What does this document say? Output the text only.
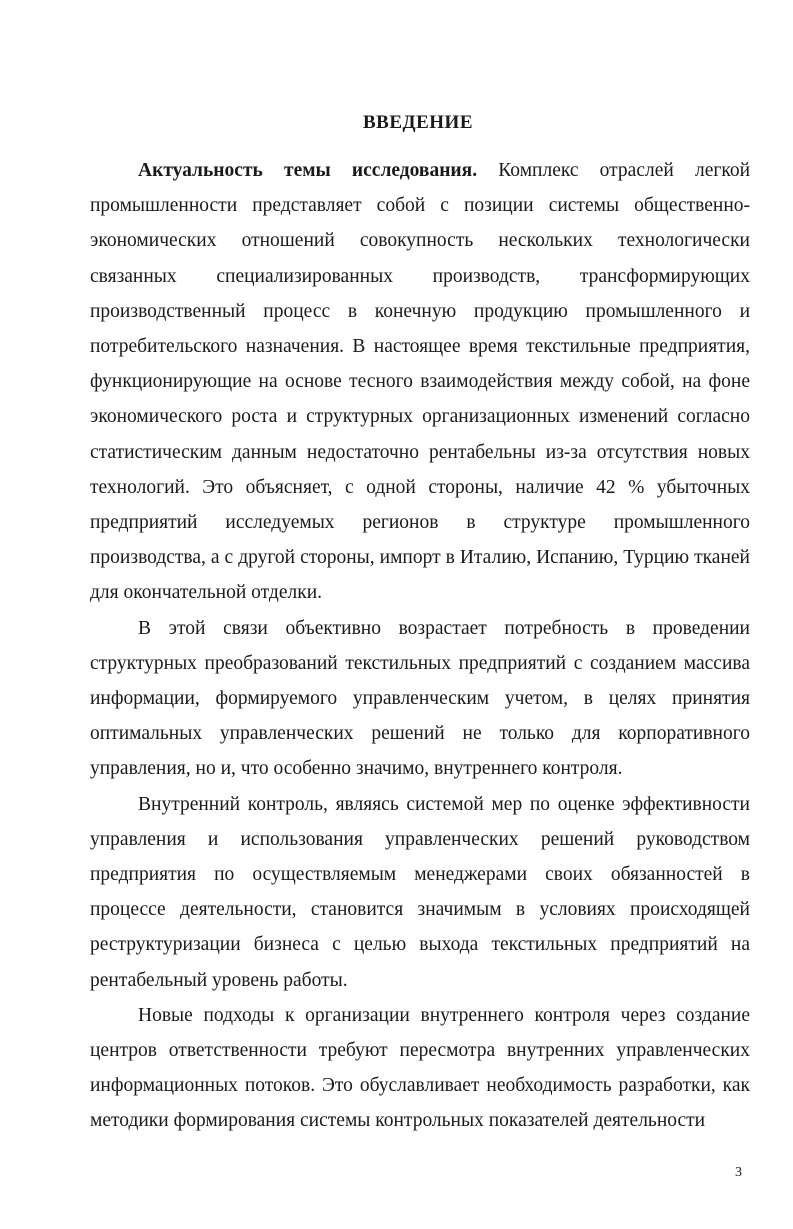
ВВЕДЕНИЕ

Актуальность темы исследования. Комплекс отраслей легкой промышленности представляет собой с позиции системы общественно-экономических отношений совокупность нескольких технологически связанных специализированных производств, трансформирующих производственный процесс в конечную продукцию промышленного и потребительского назначения. В настоящее время текстильные предприятия, функционирующие на основе тесного взаимодействия между собой, на фоне экономического роста и структурных организационных изменений согласно статистическим данным недостаточно рентабельны из-за отсутствия новых технологий. Это объясняет, с одной стороны, наличие 42 % убыточных предприятий исследуемых регионов в структуре промышленного производства, а с другой стороны, импорт в Италию, Испанию, Турцию тканей для окончательной отделки.

В этой связи объективно возрастает потребность в проведении структурных преобразований текстильных предприятий с созданием массива информации, формируемого управленческим учетом, в целях принятия оптимальных управленческих решений не только для корпоративного управления, но и, что особенно значимо, внутреннего контроля.

Внутренний контроль, являясь системой мер по оценке эффективности управления и использования управленческих решений руководством предприятия по осуществляемым менеджерами своих обязанностей в процессе деятельности, становится значимым в условиях происходящей реструктуризации бизнеса с целью выхода текстильных предприятий на рентабельный уровень работы.

Новые подходы к организации внутреннего контроля через создание центров ответственности требуют пересмотра внутренних управленческих информационных потоков. Это обуславливает необходимость разработки, как методики формирования системы контрольных показателей деятельности

3
